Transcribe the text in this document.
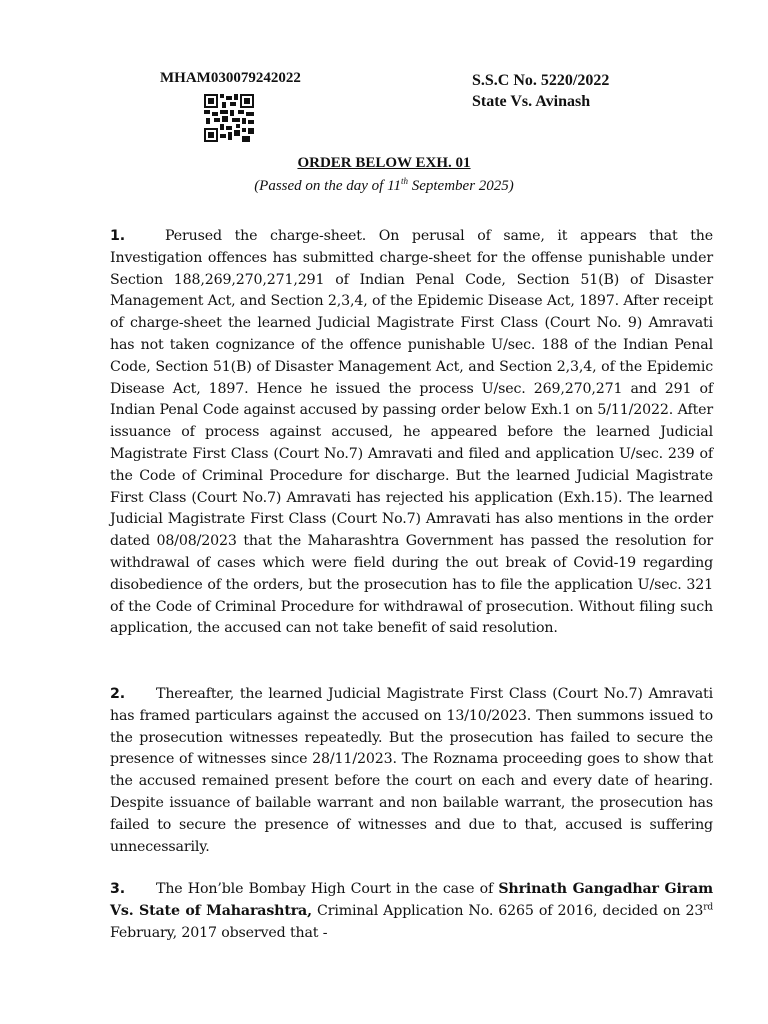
MHAM030079242022	S.S.C No. 5220/2022
State Vs. Avinash
ORDER BELOW EXH. 01
(Passed on the day of 11th September 2025)

1.	Perused the charge-sheet. On perusal of same, it appears that the Investigation offences has submitted charge-sheet for the offense punishable under Section 188,269,270,271,291 of Indian Penal Code, Section 51(B) of Disaster Management Act, and Section 2,3,4, of the Epidemic Disease Act, 1897. After receipt of charge-sheet the learned Judicial Magistrate First Class (Court No. 9) Amravati has not taken cognizance of the offence punishable U/sec. 188 of the Indian Penal Code, Section 51(B) of Disaster Management Act, and Section 2,3,4, of the Epidemic Disease Act, 1897. Hence he issued the process U/sec. 269,270,271 and 291 of Indian Penal Code against accused by passing order below Exh.1 on 5/11/2022. After issuance of process against accused, he appeared before the learned Judicial Magistrate First Class (Court No.7) Amravati and filed and application U/sec. 239 of the Code of Criminal Procedure for discharge. But the learned Judicial Magistrate First Class (Court No.7) Amravati has rejected his application (Exh.15). The learned Judicial Magistrate First Class (Court No.7) Amravati has also mentions in the order dated 08/08/2023 that the Maharashtra Government has passed the resolution for withdrawal of cases which were field during the out break of Covid-19 regarding disobedience of the orders, but the prosecution has to file the application U/sec. 321 of the Code of Criminal Procedure for withdrawal of prosecution. Without filing such application, the accused can not take benefit of said resolution.

2. Thereafter, the learned Judicial Magistrate First Class (Court No.7) Amravati has framed particulars against the accused on 13/10/2023. Then summons issued to the prosecution witnesses repeatedly. But the prosecution has failed to secure the presence of witnesses since 28/11/2023. The Roznama proceeding goes to show that the accused remained present before the court on each and every date of hearing. Despite issuance of bailable warrant and non bailable warrant, the prosecution has failed to secure the presence of witnesses and due to that, accused is suffering unnecessarily.

3. The Hon’ble Bombay High Court in the case of Shrinath Gangadhar Giram Vs. State of Maharashtra, Criminal Application No. 6265 of 2016, decided on 23rd February, 2017 observed that -
